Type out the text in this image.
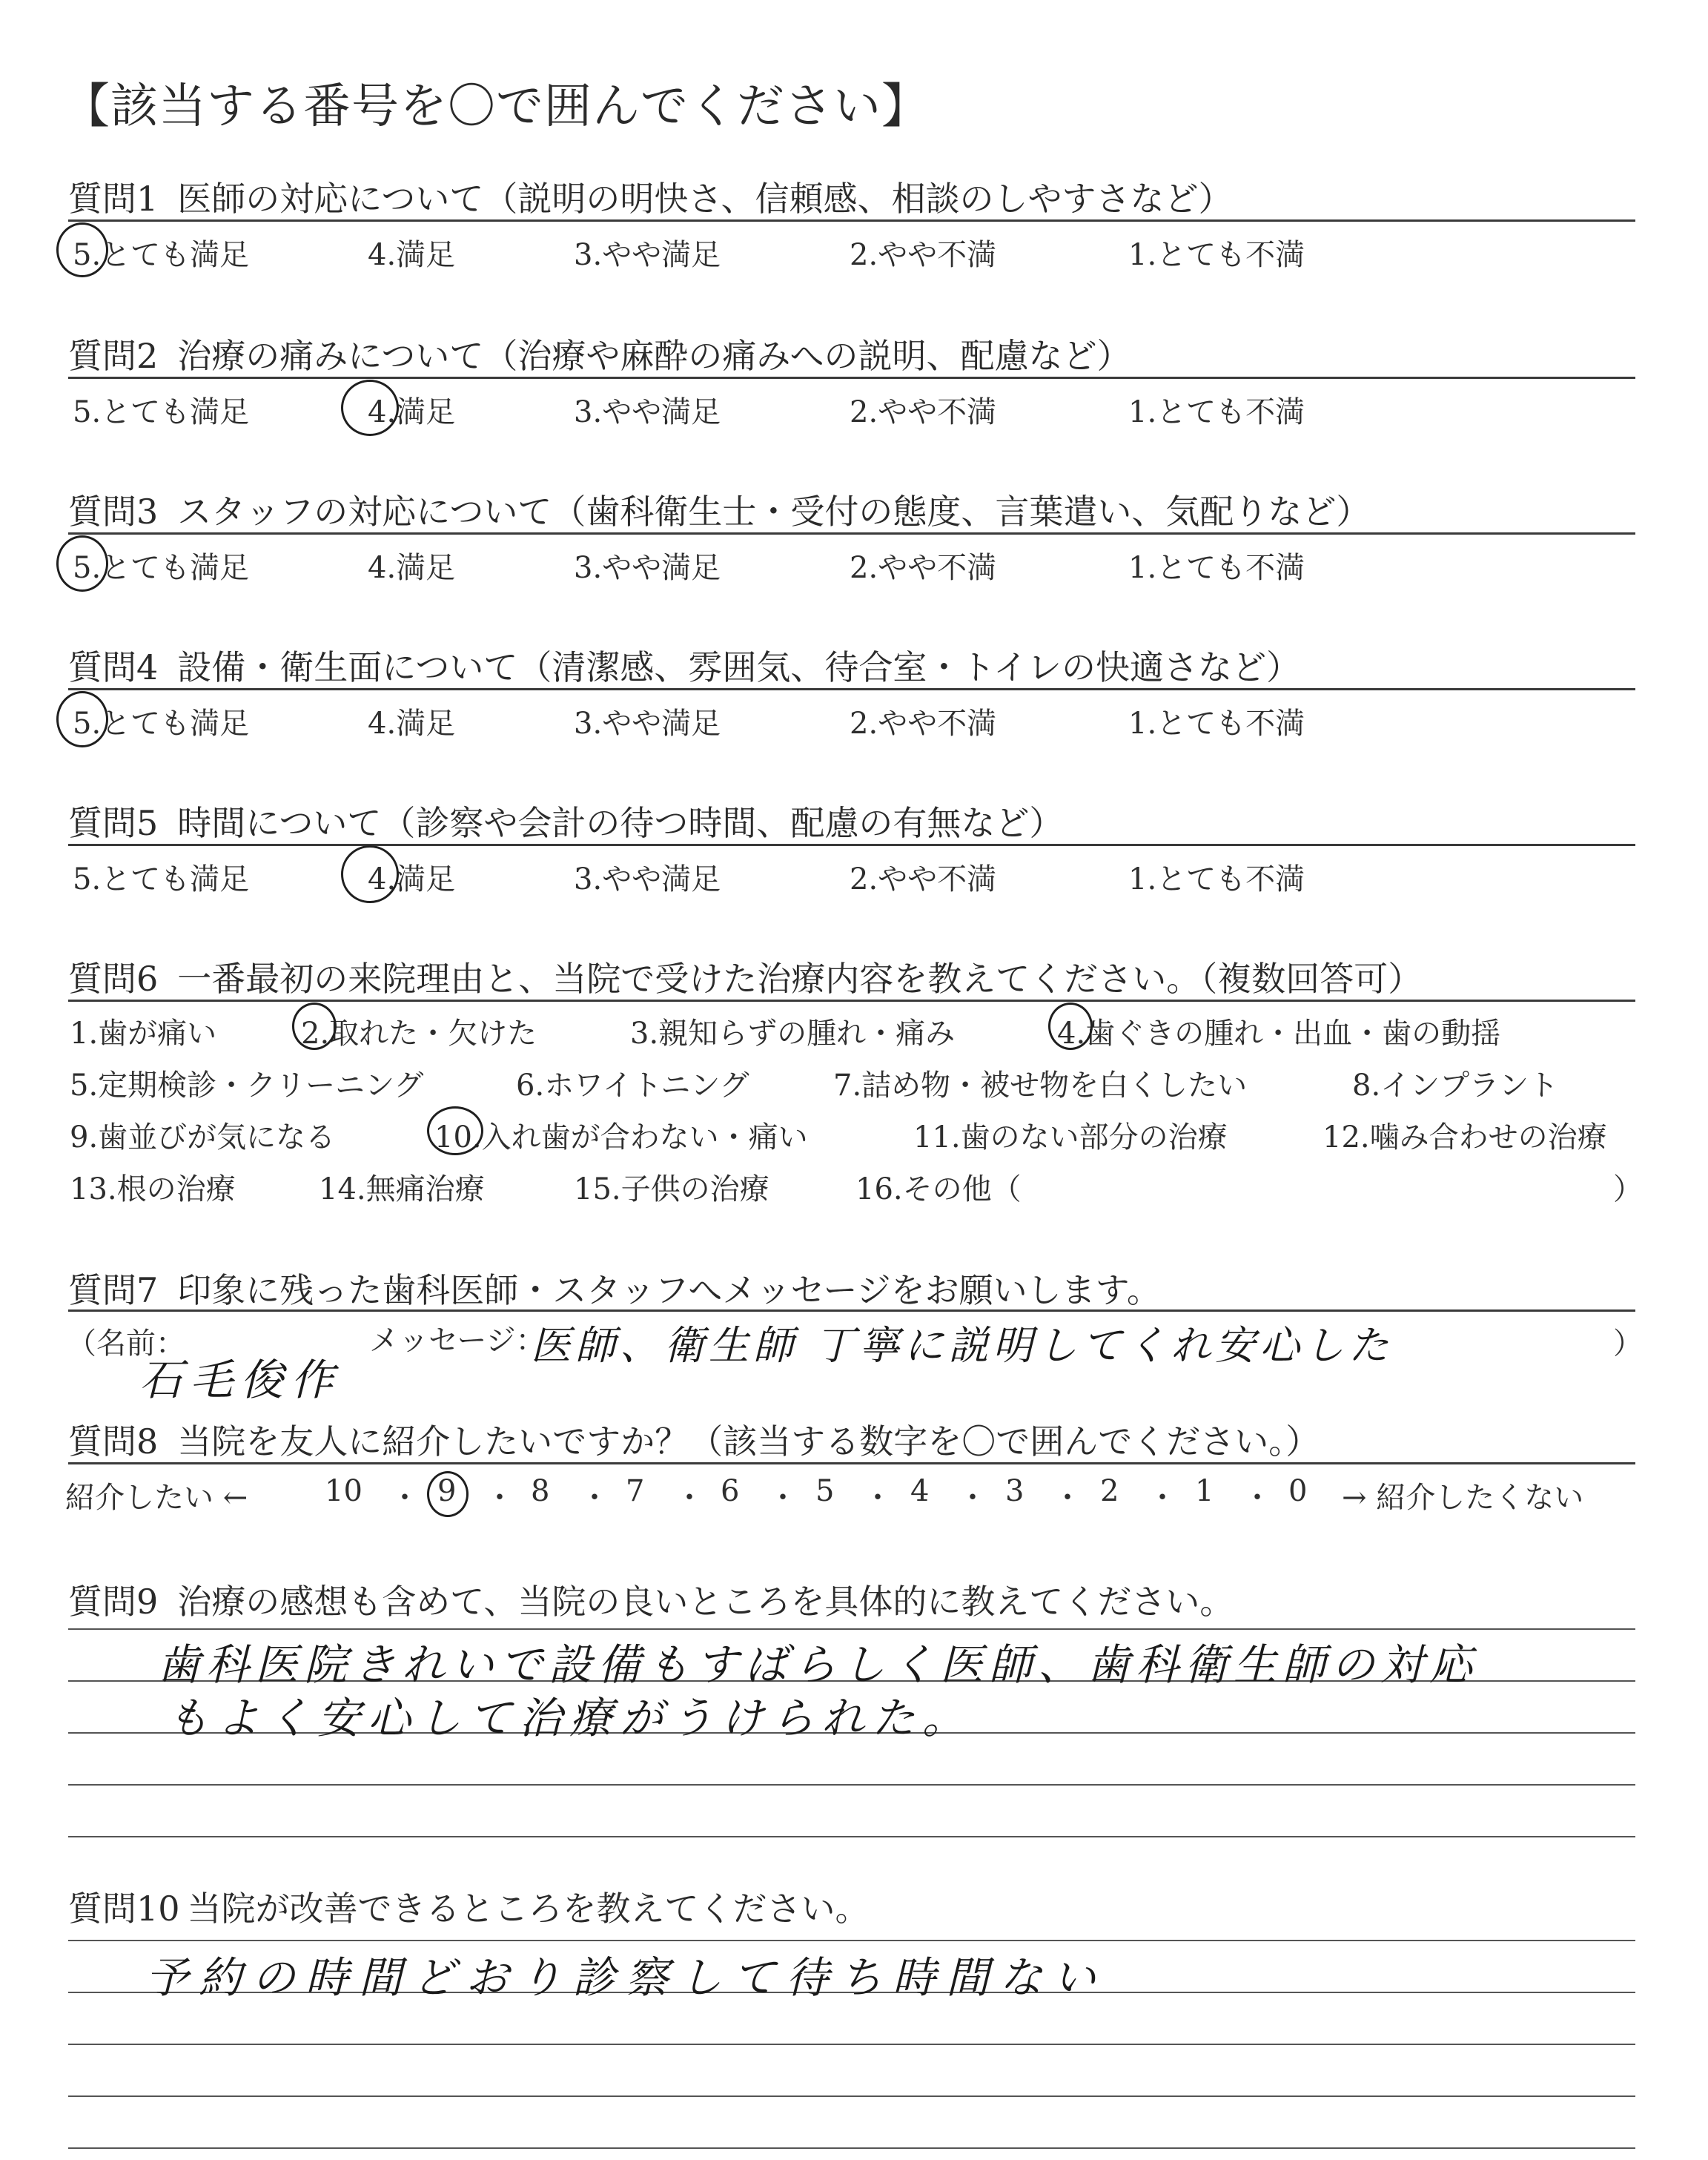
【該当する番号を〇で囲んでください】
質問1 医師の対応について（説明の明快さ、信頼感、相談のしやすさなど）
5.とても満足	4.満足	3.やや満足	2.やや不満	1.とても不満
質問2 治療の痛みについて（治療や麻酔の痛みへの説明、配慮など）
5.とても満足	4.満足	3.やや満足	2.やや不満	1.とても不満
質問3 スタッフの対応について（歯科衛生士・受付の態度、言葉遣い、気配りなど）
5.とても満足	4.満足	3.やや満足	2.やや不満	1.とても不満
質問4 設備・衛生面について（清潔感、雰囲気、待合室・トイレの快適さなど）
5.とても満足	4.満足	3.やや満足	2.やや不満	1.とても不満
質問5 時間について（診察や会計の待つ時間、配慮の有無など）
5.とても満足	4.満足	3.やや満足	2.やや不満	1.とても不満
質問6 一番最初の来院理由と、当院で受けた治療内容を教えてください。（複数回答可）
1.歯が痛い	2.取れた・欠けた	3.親知らずの腫れ・痛み	4.歯ぐきの腫れ・出血・歯の動揺
5.定期検診・クリーニング	6.ホワイトニング	7.詰め物・被せ物を白くしたい	8.インプラント
9.歯並びが気になる	10.入れ歯が合わない・痛い	11.歯のない部分の治療	12.噛み合わせの治療
13.根の治療	14.無痛治療	15.子供の治療	16.その他（	）
質問7 印象に残った歯科医師・スタッフへメッセージをお願いします。
（名前：	メッセージ：	）
石毛俊作
医師、衛生師 丁寧に説明してくれ安心した
質問8 当院を友人に紹介したいですか？（該当する数字を〇で囲んでください。）
紹介したい ←	→ 紹介したくない
10 ・ 9 ・ 8 ・ 7 ・ 6 ・ 5 ・ 4 ・ 3 ・ 2 ・ 1 ・ 0
質問9 治療の感想も含めて、当院の良いところを具体的に教えてください。
歯科医院きれいで設備もすばらしく医師、歯科衛生師の対応
もよく安心して治療がうけられた。
質問10 当院が改善できるところを教えてください。
予約の時間どおり診察して待ち時間ない
